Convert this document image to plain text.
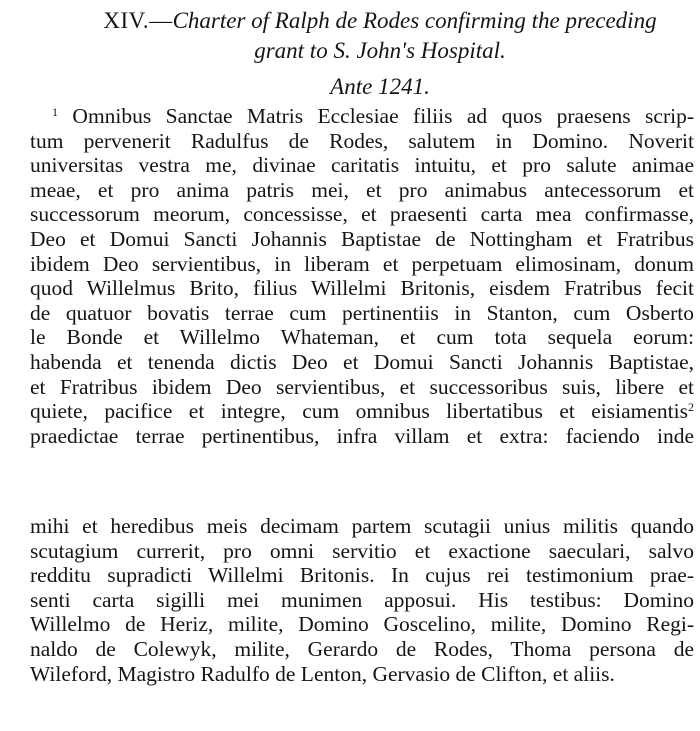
XIV.—Charter of Ralph de Rodes confirming the preceding
grant to S. John's Hospital.
Ante 1241.
$^1$ Omnibus Sanctae Matris Ecclesiae filiis ad quos praesens scrip-
tum pervenerit Radulfus de Rodes, salutem in Domino. Noverit
universitas vestra me, divinae caritatis intuitu, et pro salute animae
meae, et pro anima patris mei, et pro animabus antecessorum et
successorum meorum, concessisse, et praesenti carta mea confirmasse,
Deo et Domui Sancti Johannis Baptistae de Nottingham et Fratribus
ibidem Deo servientibus, in liberam et perpetuam elimosinam, donum
quod Willelmus Brito, filius Willelmi Britonis, eisdem Fratribus fecit
de quatuor bovatis terrae cum pertinentiis in Stanton, cum Osberto
le Bonde et Willelmo Whateman, et cum tota sequela eorum:
habenda et tenenda dictis Deo et Domui Sancti Johannis Baptistae,
et Fratribus ibidem Deo servientibus, et successoribus suis, libere et
quiete, pacifice et integre, cum omnibus libertatibus et eisiamentis$^2$
praedictae terrae pertinentibus, infra villam et extra: faciendo inde
mihi et heredibus meis decimam partem scutagii unius militis quando
scutagium currerit, pro omni servitio et exactione saeculari, salvo
redditu supradicti Willelmi Britonis. In cujus rei testimonium prae-
senti carta sigilli mei munimen apposui. His testibus: Domino
Willelmo de Heriz, milite, Domino Goscelino, milite, Domino Regi-
naldo de Colewyk, milite, Gerardo de Rodes, Thoma persona de
Wileford, Magistro Radulfo de Lenton, Gervasio de Clifton, et aliis.
